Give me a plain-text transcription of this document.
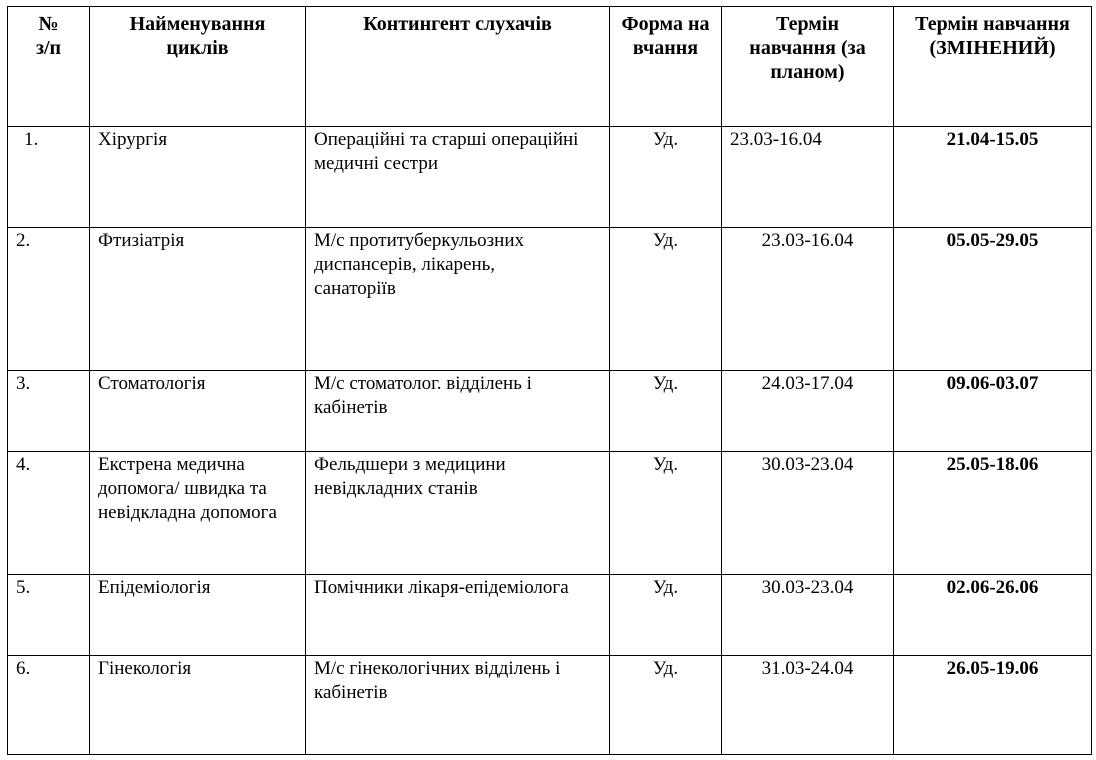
№ з/п	Найменування циклів	Контингент слухачів	Форма навчання	Термін навчання (за планом)	Термін навчання (ЗМІНЕНИЙ)

1.	Хірургія	Операційні та старші операційні медичні сестри	Уд.	23.03-16.04	21.04-15.05
2.	Фтизіатрія	М/с протитуберкульозних диспансерів, лікарень, санаторіїв	Уд.	23.03-16.04	05.05-29.05
3.	Стоматологія	М/с стоматолог. відділень і кабінетів	Уд.	24.03-17.04	09.06-03.07
4.	Екстрена медична допомога/ швидка та невідкладна допомога	Фельдшери з медицини невідкладних станів	Уд.	30.03-23.04	25.05-18.06
5.	Епідеміологія	Помічники лікаря-епідеміолога	Уд.	30.03-23.04	02.06-26.06
6.	Гінекологія	М/с гінекологічних відділень і кабінетів	Уд.	31.03-24.04	26.05-19.06
